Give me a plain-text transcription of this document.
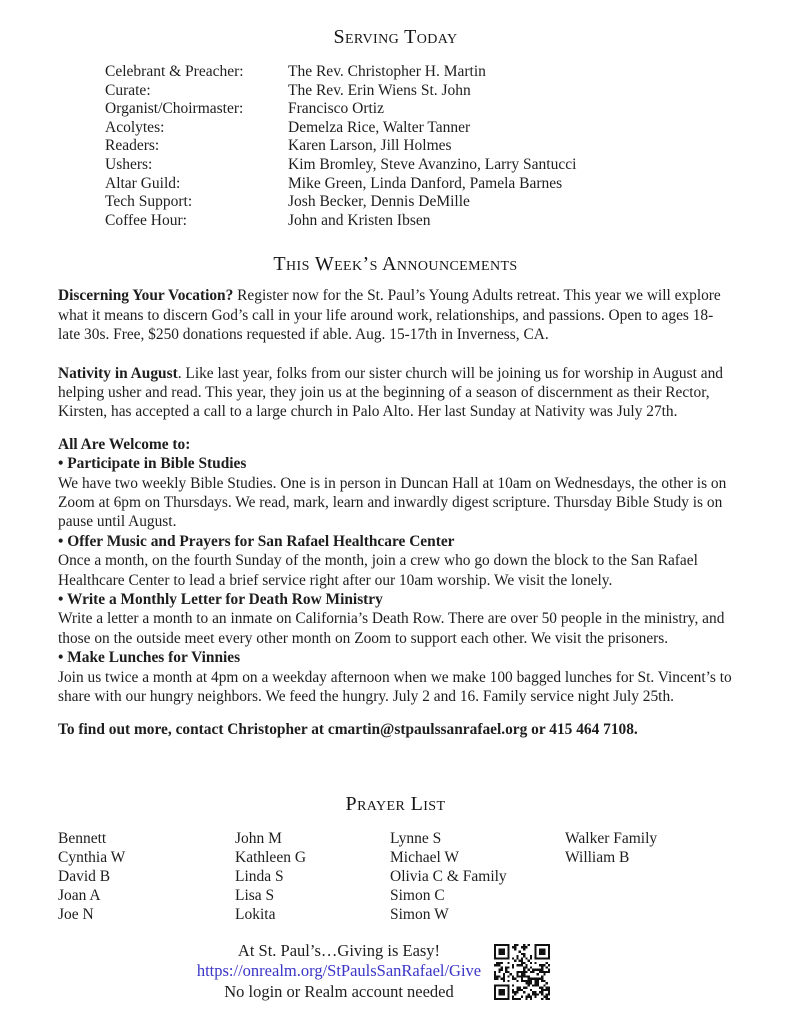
Serving Today
Celebrant & Preacher:	The Rev. Christopher H. Martin
Curate:	The Rev. Erin Wiens St. John
Organist/Choirmaster:	Francisco Ortiz
Acolytes:	Demelza Rice, Walter Tanner
Readers:	Karen Larson, Jill Holmes
Ushers:	Kim Bromley, Steve Avanzino, Larry Santucci
Altar Guild:	Mike Green, Linda Danford, Pamela Barnes
Tech Support:	Josh Becker, Dennis DeMille
Coffee Hour:	John and Kristen Ibsen
This Week’s Announcements

Discerning Your Vocation? Register now for the St. Paul’s Young Adults retreat. This year we will explore what it means to discern God’s call in your life around work, relationships, and passions. Open to ages 18-late 30s. Free, $250 donations requested if able. Aug. 15-17th in Inverness, CA.

Nativity in August. Like last year, folks from our sister church will be joining us for worship in August and helping usher and read. This year, they join us at the beginning of a season of discernment as their Rector, Kirsten, has accepted a call to a large church in Palo Alto. Her last Sunday at Nativity was July 27th.

All Are Welcome to:
• Participate in Bible Studies
We have two weekly Bible Studies. One is in person in Duncan Hall at 10am on Wednesdays, the other is on Zoom at 6pm on Thursdays. We read, mark, learn and inwardly digest scripture. Thursday Bible Study is on pause until August.
• Offer Music and Prayers for San Rafael Healthcare Center
Once a month, on the fourth Sunday of the month, join a crew who go down the block to the San Rafael Healthcare Center to lead a brief service right after our 10am worship. We visit the lonely.
• Write a Monthly Letter for Death Row Ministry
Write a letter a month to an inmate on California’s Death Row. There are over 50 people in the ministry, and those on the outside meet every other month on Zoom to support each other. We visit the prisoners.
• Make Lunches for Vinnies
Join us twice a month at 4pm on a weekday afternoon when we make 100 bagged lunches for St. Vincent’s to share with our hungry neighbors. We feed the hungry. July 2 and 16. Family service night July 25th.
To find out more, contact Christopher at cmartin@stpaulssanrafael.org or 415 464 7108.
Prayer List
Bennett
Cynthia W
David B
Joan A
Joe N
John M
Kathleen G
Linda S
Lisa S
Lokita
Lynne S
Michael W
Olivia C & Family
Simon C
Simon W
Walker Family
William B
At St. Paul’s…Giving is Easy!
https://onrealm.org/StPaulsSanRafael/Give
No login or Realm account needed
